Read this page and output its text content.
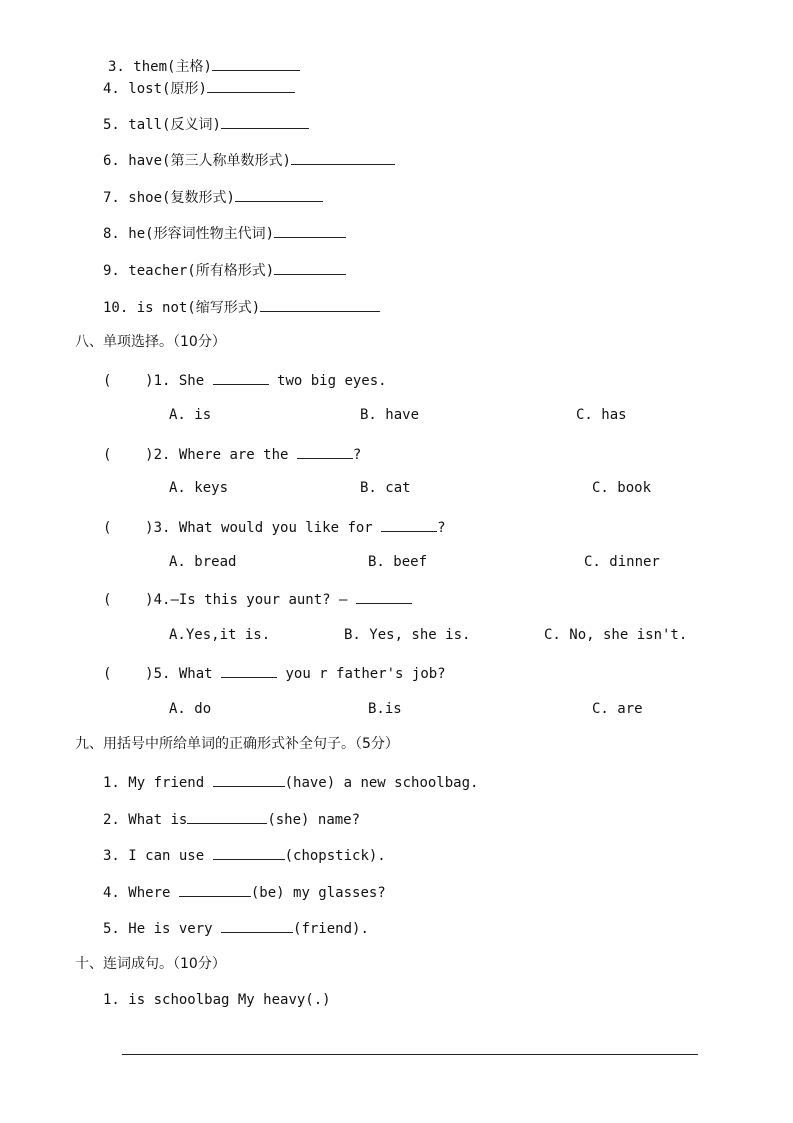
3. them(主格)
4. lost(原形)
5. tall(反义词)
6. have(第三人称单数形式)
7. shoe(复数形式)
8. he(形容词性物主代词)
9. teacher(所有格形式)
10. is not(缩写形式)
八、单项选择。（10分）
(    )1. She	two big eyes.
A. is	B. have	C. has
(    )2. Where are the	?
A. keys	B. cat	C. book
(    )3. What would you like for	?
A. bread	B. beef	C. dinner
(    )4.—Is this your aunt? —
A.Yes,it is.	B. Yes, she is.	C. No, she isn't.
(    )5. What	you r father's job?
A. do	B.is	C. are
九、用括号中所给单词的正确形式补全句子。（5分）
1. My friend	(have) a new schoolbag.
2. What is	(she) name?
3. I can use	(chopstick).
4. Where	(be) my glasses?
5. He is very	(friend).
十、连词成句。（10分）
1. is schoolbag My heavy(.)
